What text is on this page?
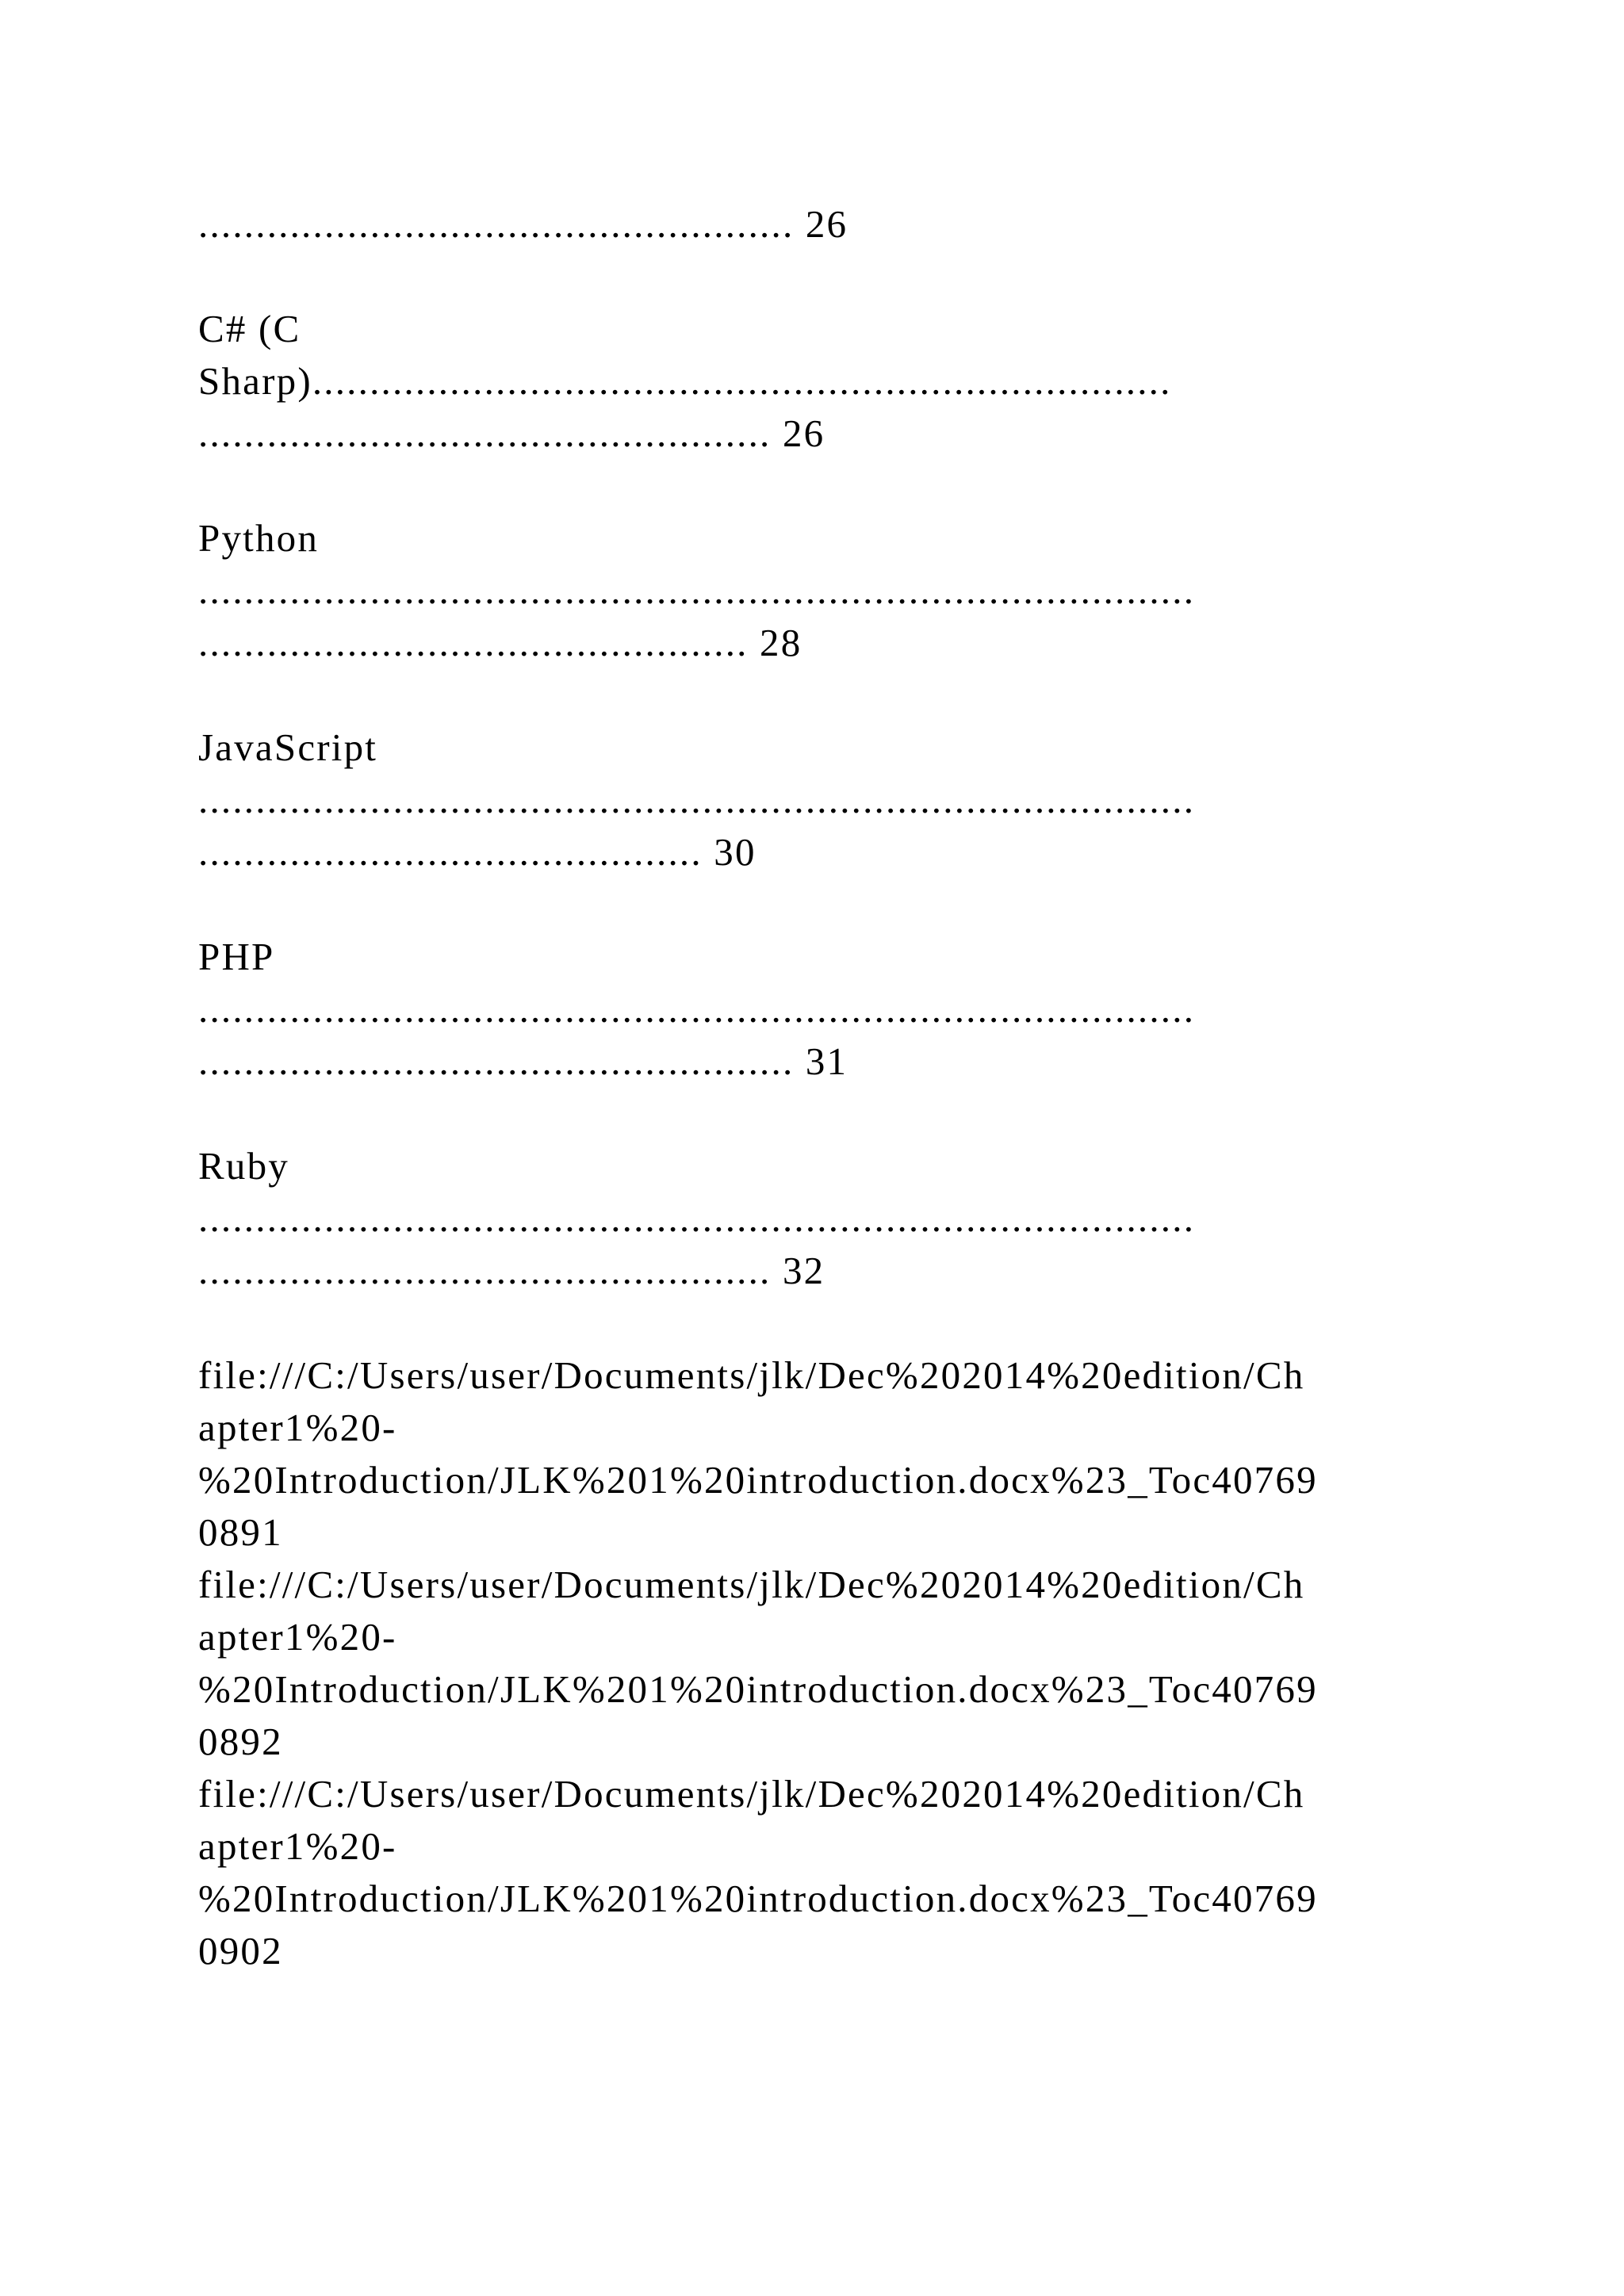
.................................................... 26
C# (C
Sharp)...........................................................................
.................................................. 26
Python
.......................................................................................
................................................ 28
JavaScript
.......................................................................................
............................................ 30
PHP
.......................................................................................
.................................................... 31
Ruby
.......................................................................................
.................................................. 32
file:///C:/Users/user/Documents/jlk/Dec%202014%20edition/Ch
apter1%20-
%20Introduction/JLK%201%20introduction.docx%23_Toc40769
0891
file:///C:/Users/user/Documents/jlk/Dec%202014%20edition/Ch
apter1%20-
%20Introduction/JLK%201%20introduction.docx%23_Toc40769
0892
file:///C:/Users/user/Documents/jlk/Dec%202014%20edition/Ch
apter1%20-
%20Introduction/JLK%201%20introduction.docx%23_Toc40769
0902
